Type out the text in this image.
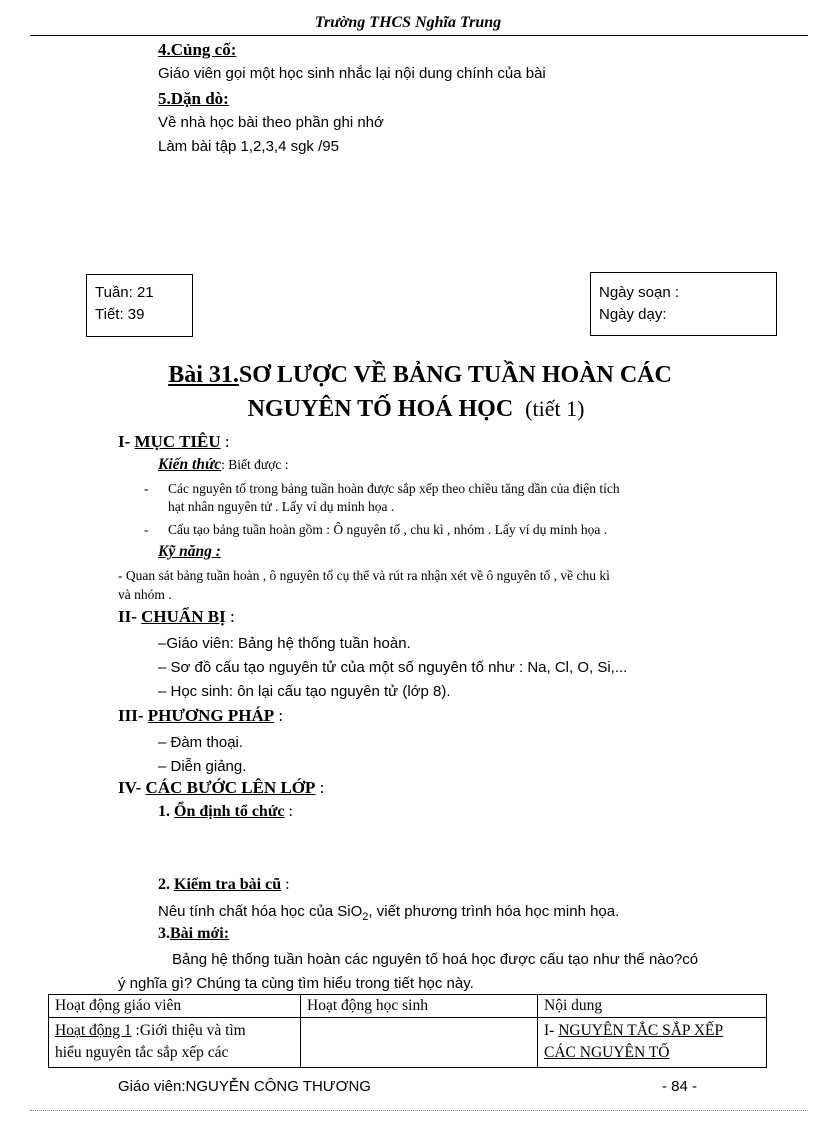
Trường THCS Nghĩa Trung
4.Củng cố:
Giáo viên gọi một học sinh nhắc lại nội dung chính của bài
5.Dặn dò:
Về nhà học bài theo phần ghi nhớ
Làm bài tập 1,2,3,4 sgk /95
Tuần: 21
Tiết: 39
Ngày soạn :
Ngày dạy:
Bài 31.SƠ LƯỢC VỀ BẢNG TUẦN HOÀN CÁC
NGUYÊN TỐ HOÁ HỌC (tiết 1)
I- MỤC TIÊU :
Kiến thức: Biết được :
- Các nguyên tố trong bảng tuần hoàn được sắp xếp theo chiều tăng dần của điện tích
hạt nhân nguyên tử . Lấy ví dụ minh họa .
- Cấu tạo bảng tuần hoàn gồm : Ô nguyên tố , chu kì , nhóm . Lấy ví dụ minh họa .
Kỹ năng :
- Quan sát bảng tuần hoàn , ô nguyên tố cụ thể và rút ra nhận xét về ô nguyên tố , về chu kì
và nhóm .
II- CHUẨN BỊ :
–Giáo viên: Bảng hệ thống tuần hoàn.
– Sơ đồ cấu tạo nguyên tử của một số nguyên tố như : Na, Cl, O, Si,...
– Học sinh: ôn lại cấu tạo nguyên tử (lớp 8).
III- PHƯƠNG PHÁP :
– Đàm thoại.
– Diễn giảng.
IV- CÁC BƯỚC LÊN LỚP :
1. Ổn định tổ chức :
2. Kiểm tra bài cũ :
Nêu tính chất hóa học của SiO$_2$, viết phương trình hóa học minh họa.
3.Bài mới:
Bảng hệ thống tuần hoàn các nguyên tố hoá học được cấu tạo như thế nào?có
ý nghĩa gì? Chúng ta cùng tìm hiểu trong tiết học này.
Hoạt động giáo viên	Hoạt động học sinh	Nội dung
Hoạt động 1 :Giới thiệu và tìm
hiểu nguyên tắc sắp xếp các		I- NGUYÊN TẮC SẮP XẾP
CÁC NGUYÊN TỐ
Giáo viên:NGUYỄN CÔNG THƯƠNG	- 84 -
